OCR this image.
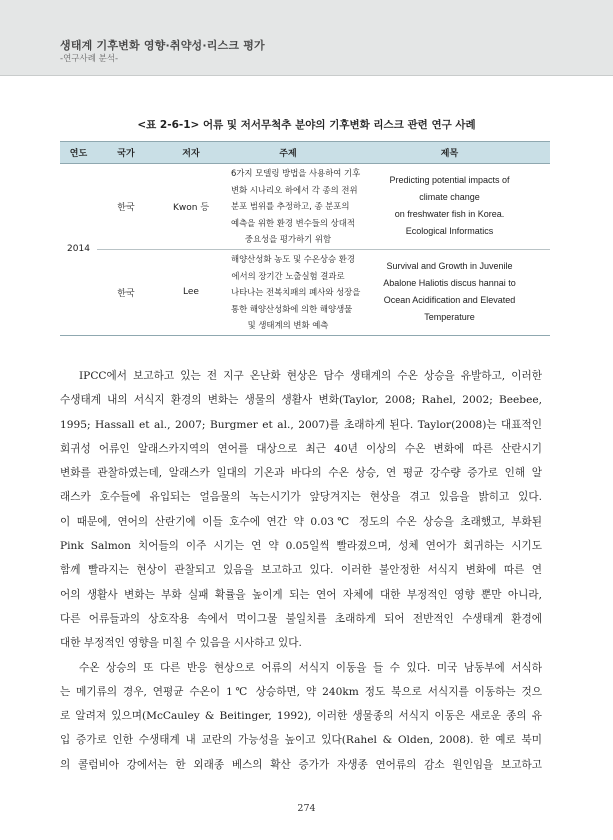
생태계 기후변화 영향·취약성·리스크 평가
-연구사례 분석-
<표 2-6-1> 어류 및 저서무척추 분야의 기후변화 리스크 관련 연구 사례
연도	국가	저자	주제	제목
2014	한국	Kwon 등	6가지 모델링 방법을 사용하여 기후
변화 시나리오 하에서 각 종의 전위
분포 범위를 추정하고, 종 분포의
예측을 위한 환경 변수들의 상대적
중요성을 평가하기 위함	Predicting potential impacts of
climate change
on freshwater fish in Korea.
Ecological Informatics

	한국	Lee	해양산성화 농도 및 수온상승 환경
에서의 장기간 노출실험 결과로
나타나는 전복치패의 폐사와 성장을
통한 해양산성화에 의한 해양생물
및 생태계의 변화 예측	Survival and Growth in Juvenile
Abalone Haliotis discus hannai to
Ocean Acidification and Elevated
Temperature

IPCC에서 보고하고 있는 전 지구 온난화 현상은 담수 생태계의 수온 상승을 유발하고, 이러한
수생태계 내의 서식지 환경의 변화는 생물의 생활사 변화(Taylor, 2008; Rahel, 2002; Beebee,
1995; Hassall et al., 2007; Burgmer et al., 2007)를 초래하게 된다. Taylor(2008)는 대표적인
회귀성 어류인 알래스카지역의 연어를 대상으로 최근 40년 이상의 수온 변화에 따른 산란시기
변화를 관찰하였는데, 알래스카 일대의 기온과 바다의 수온 상승, 연 평균 강수량 증가로 인해 알
래스카 호수들에 유입되는 얼음물의 녹는시기가 앞당겨지는 현상을 겪고 있음을 밝히고 있다.
이 때문에, 연어의 산란기에 이들 호수에 연간 약 0.03℃ 정도의 수온 상승을 초래했고, 부화된
Pink Salmon 치어들의 이주 시기는 연 약 0.05일씩 빨라졌으며, 성체 연어가 회귀하는 시기도
함께 빨라지는 현상이 관찰되고 있음을 보고하고 있다. 이러한 불안정한 서식지 변화에 따른 연
어의 생활사 변화는 부화 실패 확률을 높이게 되는 연어 자체에 대한 부정적인 영향 뿐만 아니라,
다른 어류들과의 상호작용 속에서 먹이그물 불일치를 초래하게 되어 전반적인 수생태계 환경에
대한 부정적인 영향을 미칠 수 있음을 시사하고 있다.

수온 상승의 또 다른 반응 현상으로 어류의 서식지 이동을 들 수 있다. 미국 남동부에 서식하
는 메기류의 경우, 연평균 수온이 1℃ 상승하면, 약 240km 정도 북으로 서식지를 이동하는 것으
로 알려져 있으며(McCauley & Beitinger, 1992), 이러한 생물종의 서식지 이동은 새로운 종의 유
입 증가로 인한 수생태계 내 교란의 가능성을 높이고 있다(Rahel & Olden, 2008). 한 예로 북미
의 콜럼비아 강에서는 한 외래종 베스의 확산 증가가 자생종 연어류의 감소 원인임을 보고하고

274
